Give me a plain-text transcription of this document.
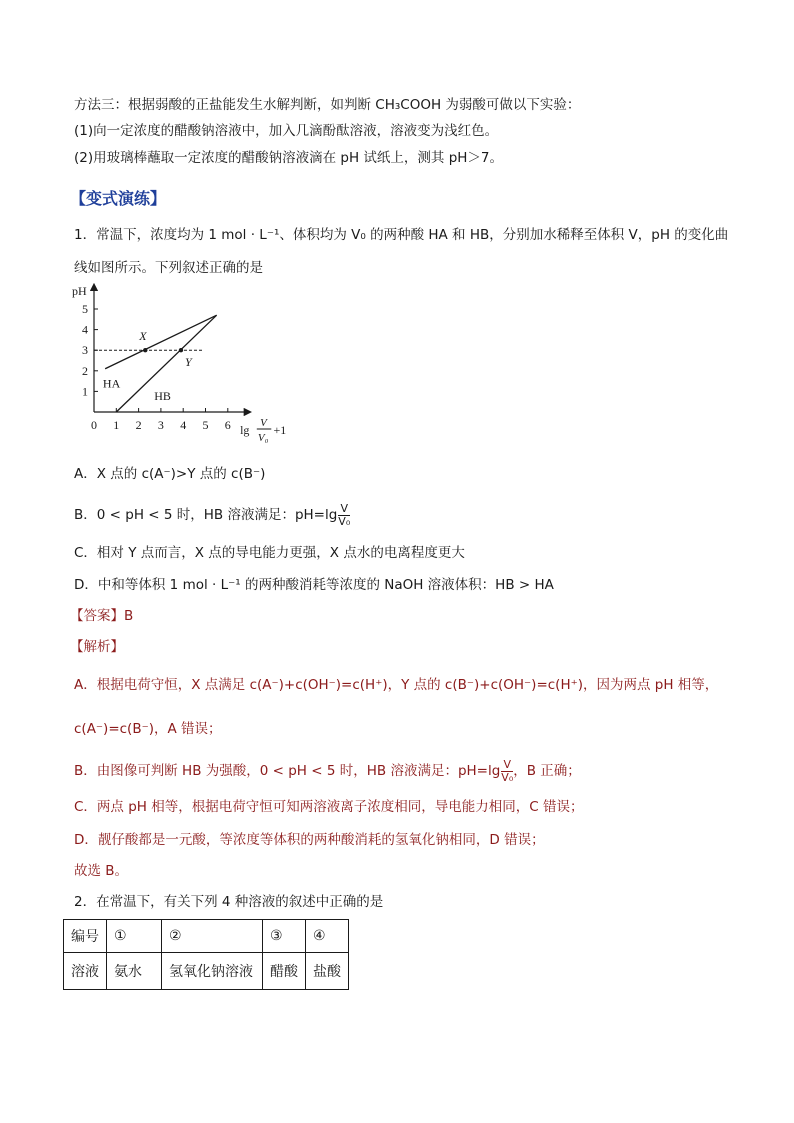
方法三：根据弱酸的正盐能发生水解判断，如判断 CH₃COOH 为弱酸可做以下实验：
(1)向一定浓度的醋酸钠溶液中，加入几滴酚酞溶液，溶液变为浅红色。
(2)用玻璃棒蘸取一定浓度的醋酸钠溶液滴在 pH 试纸上，测其 pH＞7。
【变式演练】
1．常温下，浓度均为 1 mol · L⁻¹、体积均为 V₀ 的两种酸 HA 和 HB，分别加水稀释至体积 V，pH 的变化曲
线如图所示。下列叙述正确的是
pH
1
2
3
4
5
0 1 2 3 4 5 6 lg V
V₀
+1
HA
HB
X
Y
A．X 点的 c(A⁻)>Y 点的 c(B⁻)
B．0 < pH < 5 时，HB 溶液满足：$pH=\lg \frac{V}{\text{V₀}}$
C．相对 Y 点而言，X 点的导电能力更强，X 点水的电离程度更大
D．中和等体积 1 mol · L⁻¹ 的两种酸消耗等浓度的 NaOH 溶液体积：HB > HA
【答案】B
【解析】
A．根据电荷守恒，X 点满足 c(A⁻)+c(OH⁻)=c(H⁺)，Y 点的 c(B⁻)+c(OH⁻)=c(H⁺)，因为两点 pH 相等，
c(A⁻)=c(B⁻)，A 错误；
B．由图像可判断 HB 为强酸，0 < pH < 5 时，HB 溶液满足：$pH=\lg \frac{V}{\text{V₀}}$ ，B 正确；
C．两点 pH 相等，根据电荷守恒可知两溶液离子浓度相同，导电能力相同，C 错误；
D．靓仔酸都是一元酸，等浓度等体积的两种酸消耗的氢氧化钠相同，D 错误；
故选 B。
2．在常温下，有关下列 4 种溶液的叙述中正确的是
编号	①	②	③	④
溶液	氨水	氢氧化钠溶液	醋酸	盐酸
